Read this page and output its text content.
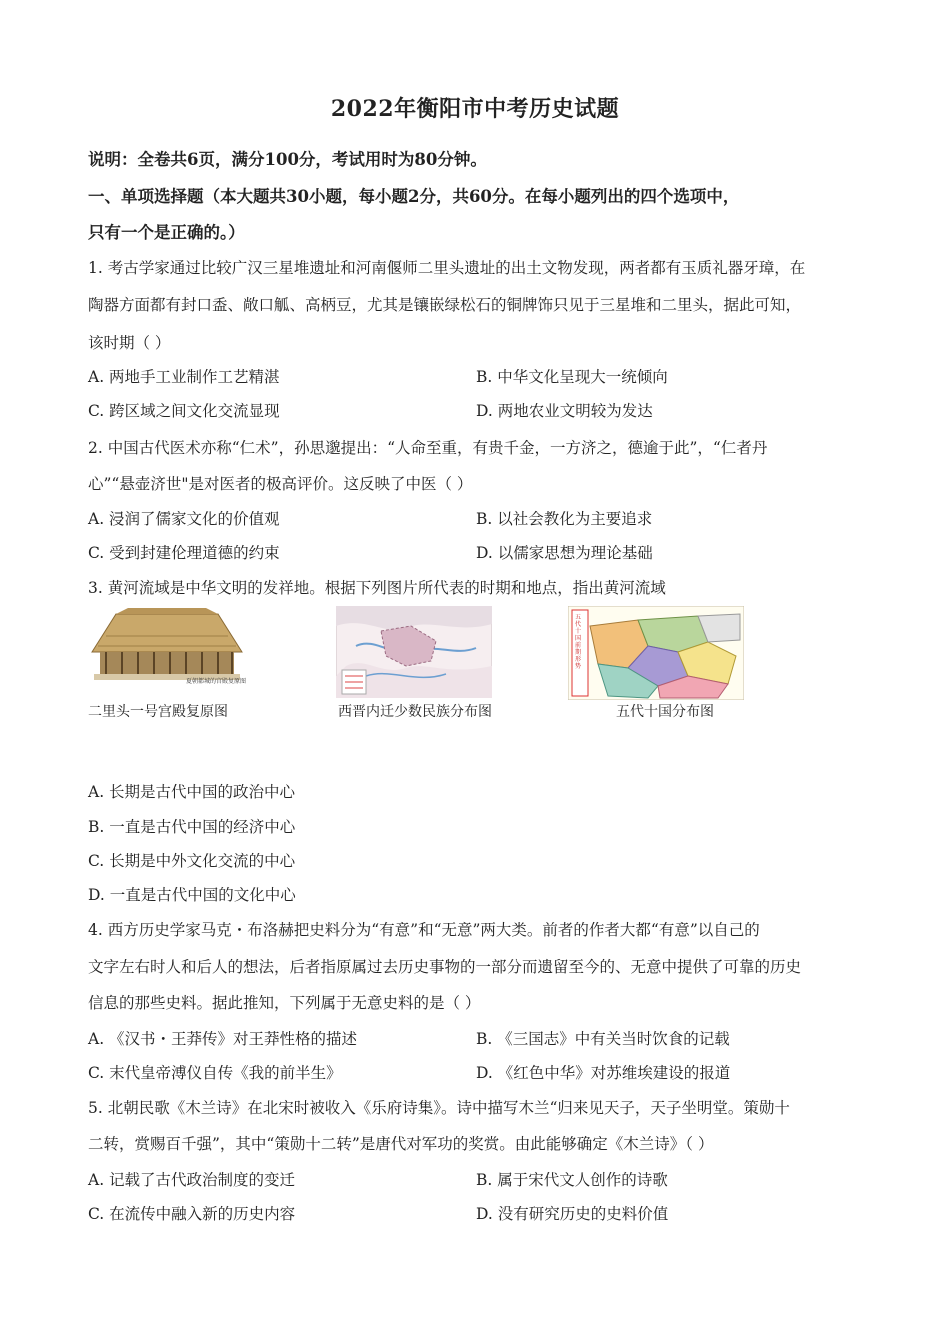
2022年衡阳市中考历史试题
说明：全卷共6页，满分100分，考试用时为80分钟。
一、单项选择题（本大题共30小题，每小题2分，共60分。在每小题列出的四个选项中，
只有一个是正确的。）
1. 考古学家通过比较广汉三星堆遗址和河南偃师二里头遗址的出土文物发现，两者都有玉质礼器牙璋，在
陶器方面都有封口盉、敞口觚、高柄豆，尤其是镶嵌绿松石的铜牌饰只见于三星堆和二里头，据此可知，
该时期（ ）
A. 两地手工业制作工艺精湛	B. 中华文化呈现大一统倾向
C. 跨区域之间文化交流显现	D. 两地农业文明较为发达
2. 中国古代医术亦称“仁术”，孙思邈提出：“人命至重，有贵千金，一方济之，德逾于此”，“仁者丹
心”“悬壶济世"是对医者的极高评价。这反映了中医（ ）
A. 浸润了儒家文化的价值观	B. 以社会教化为主要追求
C. 受到封建伦理道德的约束	D. 以儒家思想为理论基础
3. 黄河流域是中华文明的发祥地。根据下列图片所代表的时期和地点，指出黄河流域
夏朝都城的宫殿复原图
二里头一号宫殿复原图	西晋内迁少数民族分布图
五代十国前期形势
五代十国分布图
A. 长期是古代中国的政治中心
B. 一直是古代中国的经济中心
C. 长期是中外文化交流的中心
D. 一直是古代中国的文化中心
4. 西方历史学家马克・布洛赫把史料分为“有意”和“无意”两大类。前者的作者大都“有意”以自己的
文字左右时人和后人的想法，后者指原属过去历史事物的一部分而遗留至今的、无意中提供了可靠的历史
信息的那些史料。据此推知，下列属于无意史料的是（ ）
A. 《汉书・王莽传》对王莽性格的描述	B. 《三国志》中有关当时饮食的记载
C. 末代皇帝溥仪自传《我的前半生》	D. 《红色中华》对苏维埃建设的报道
5. 北朝民歌《木兰诗》在北宋时被收入《乐府诗集》。诗中描写木兰“归来见天子，天子坐明堂。策勋十
二转，赏赐百千强”，其中“策勋十二转”是唐代对军功的奖赏。由此能够确定《木兰诗》（ ）
A. 记载了古代政治制度的变迁	B. 属于宋代文人创作的诗歌
C. 在流传中融入新的历史内容	D. 没有研究历史的史料价值
